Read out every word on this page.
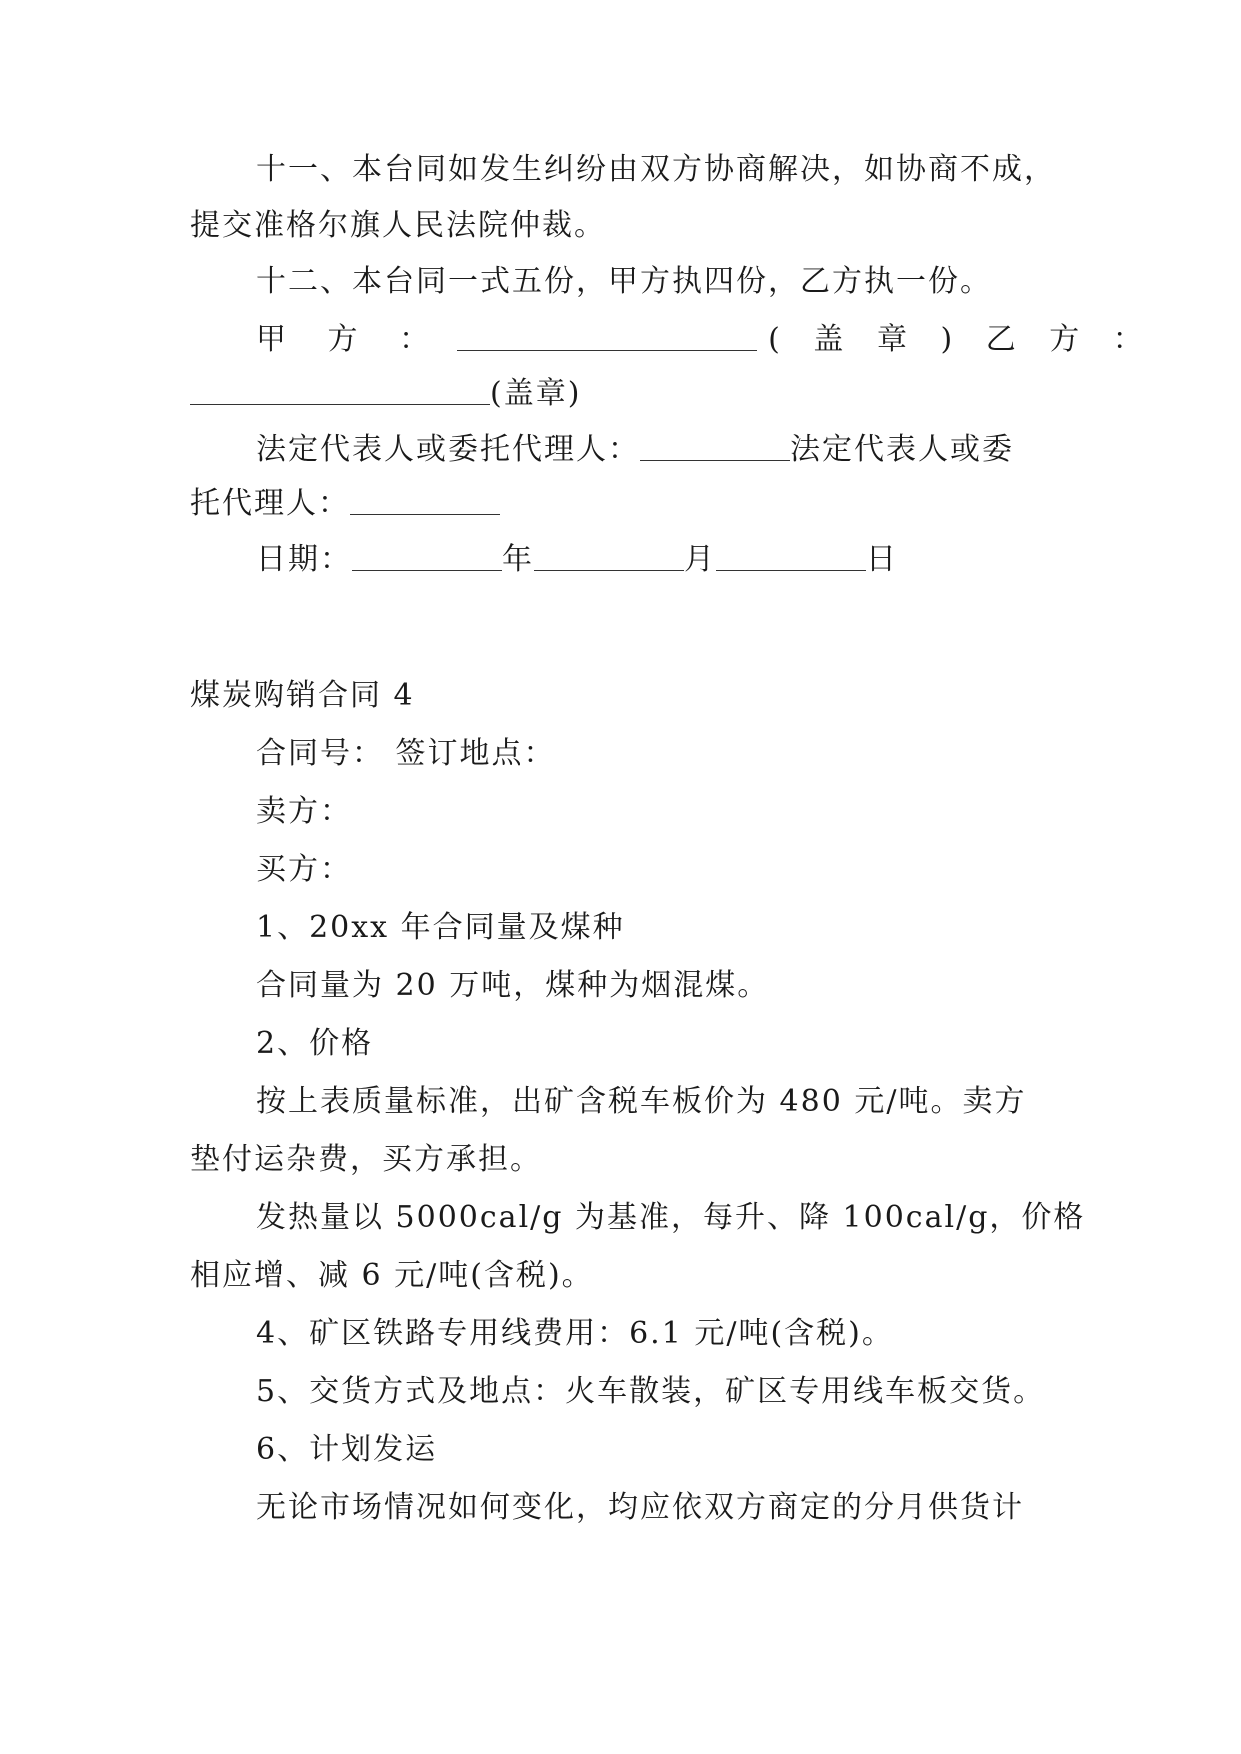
十一、本台同如发生纠纷由双方协商解决，如协商不成，
提交准格尔旗人民法院仲裁。
十二、本台同一式五份，甲方执四份，乙方执一份。
甲 方 ：	( 盖 章 ) 乙 方 ：
(盖章)
法定代表人或委托代理人：	法定代表人或委
托代理人：
日期：	年	月	日
煤炭购销合同 4
合同号： 签订地点：
卖方：
买方：
1、20xx 年合同量及煤种
合同量为 20 万吨，煤种为烟混煤。
2、价格
按上表质量标准，出矿含税车板价为 480 元/吨。卖方
垫付运杂费，买方承担。
发热量以 5000cal/g 为基准，每升、降 100cal/g，价格
相应增、减 6 元/吨(含税)。
4、矿区铁路专用线费用：6.1 元/吨(含税)。
5、交货方式及地点：火车散装，矿区专用线车板交货。
6、计划发运
无论市场情况如何变化，均应依双方商定的分月供货计
